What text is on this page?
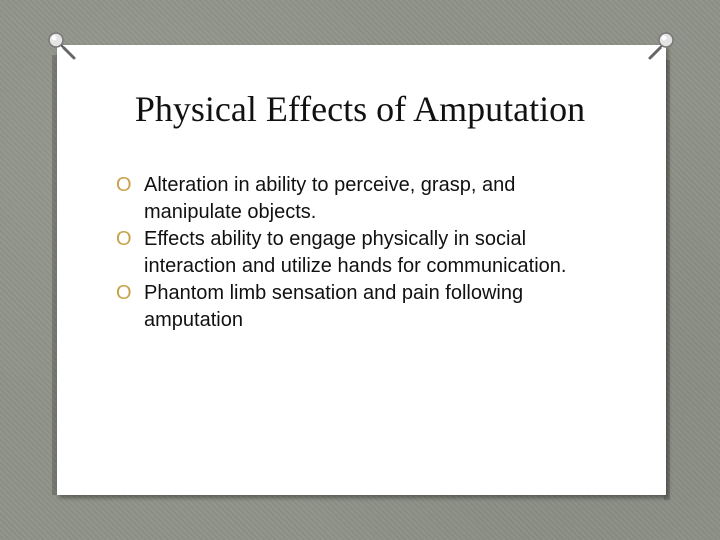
Physical Effects of Amputation
O Alteration in ability to perceive, grasp, and manipulate objects.
O Effects ability to engage physically in social interaction and utilize hands for communication.
O Phantom limb sensation and pain following amputation
